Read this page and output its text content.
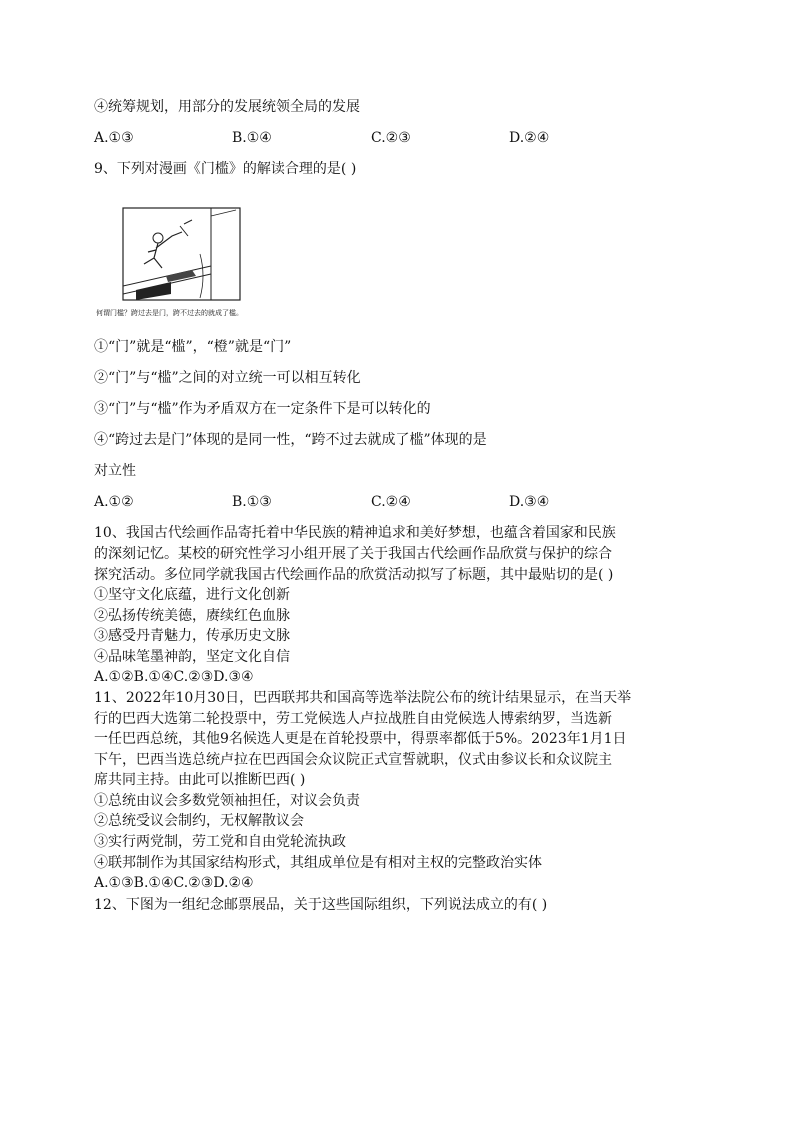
④统筹规划，用部分的发展统领全局的发展
A.①③	B.①④	C.②③	D.②④
9、下列对漫画《门槛》的解读合理的是( )
何谓门槛？跨过去是门，跨不过去的就成了槛。
①“门”就是“槛”，“橙”就是“门”
②“门”与“槛”之间的对立统一可以相互转化
③“门”与“槛”作为矛盾双方在一定条件下是可以转化的
④“跨过去是门”体现的是同一性，“跨不过去就成了槛”体现的是
对立性
A.①②	B.①③	C.②④	D.③④
10、我国古代绘画作品寄托着中华民族的精神追求和美好梦想，也蕴含着国家和民族
的深刻记忆。某校的研究性学习小组开展了关于我国古代绘画作品欣赏与保护的综合
探究活动。多位同学就我国古代绘画作品的欣赏活动拟写了标题，其中最贴切的是( )
①坚守文化底蕴，进行文化创新
②弘扬传统美德，赓续红色血脉
③感受丹青魅力，传承历史文脉
④品味笔墨神韵，坚定文化自信
A.①②B.①④C.②③D.③④
11、2022年10月30日，巴西联邦共和国高等选举法院公布的统计结果显示，在当天举
行的巴西大选第二轮投票中，劳工党候选人卢拉战胜自由党候选人博索纳罗，当选新
一任巴西总统，其他9名候选人更是在首轮投票中，得票率都低于5%。2023年1月1日
下午，巴西当选总统卢拉在巴西国会众议院正式宣誓就职，仪式由参议长和众议院主
席共同主持。由此可以推断巴西( )
①总统由议会多数党领袖担任，对议会负责
②总统受议会制约，无权解散议会
③实行两党制，劳工党和自由党轮流执政
④联邦制作为其国家结构形式，其组成单位是有相对主权的完整政治实体
A.①③B.①④C.②③D.②④
12、下图为一组纪念邮票展品，关于这些国际组织，下列说法成立的有( )
